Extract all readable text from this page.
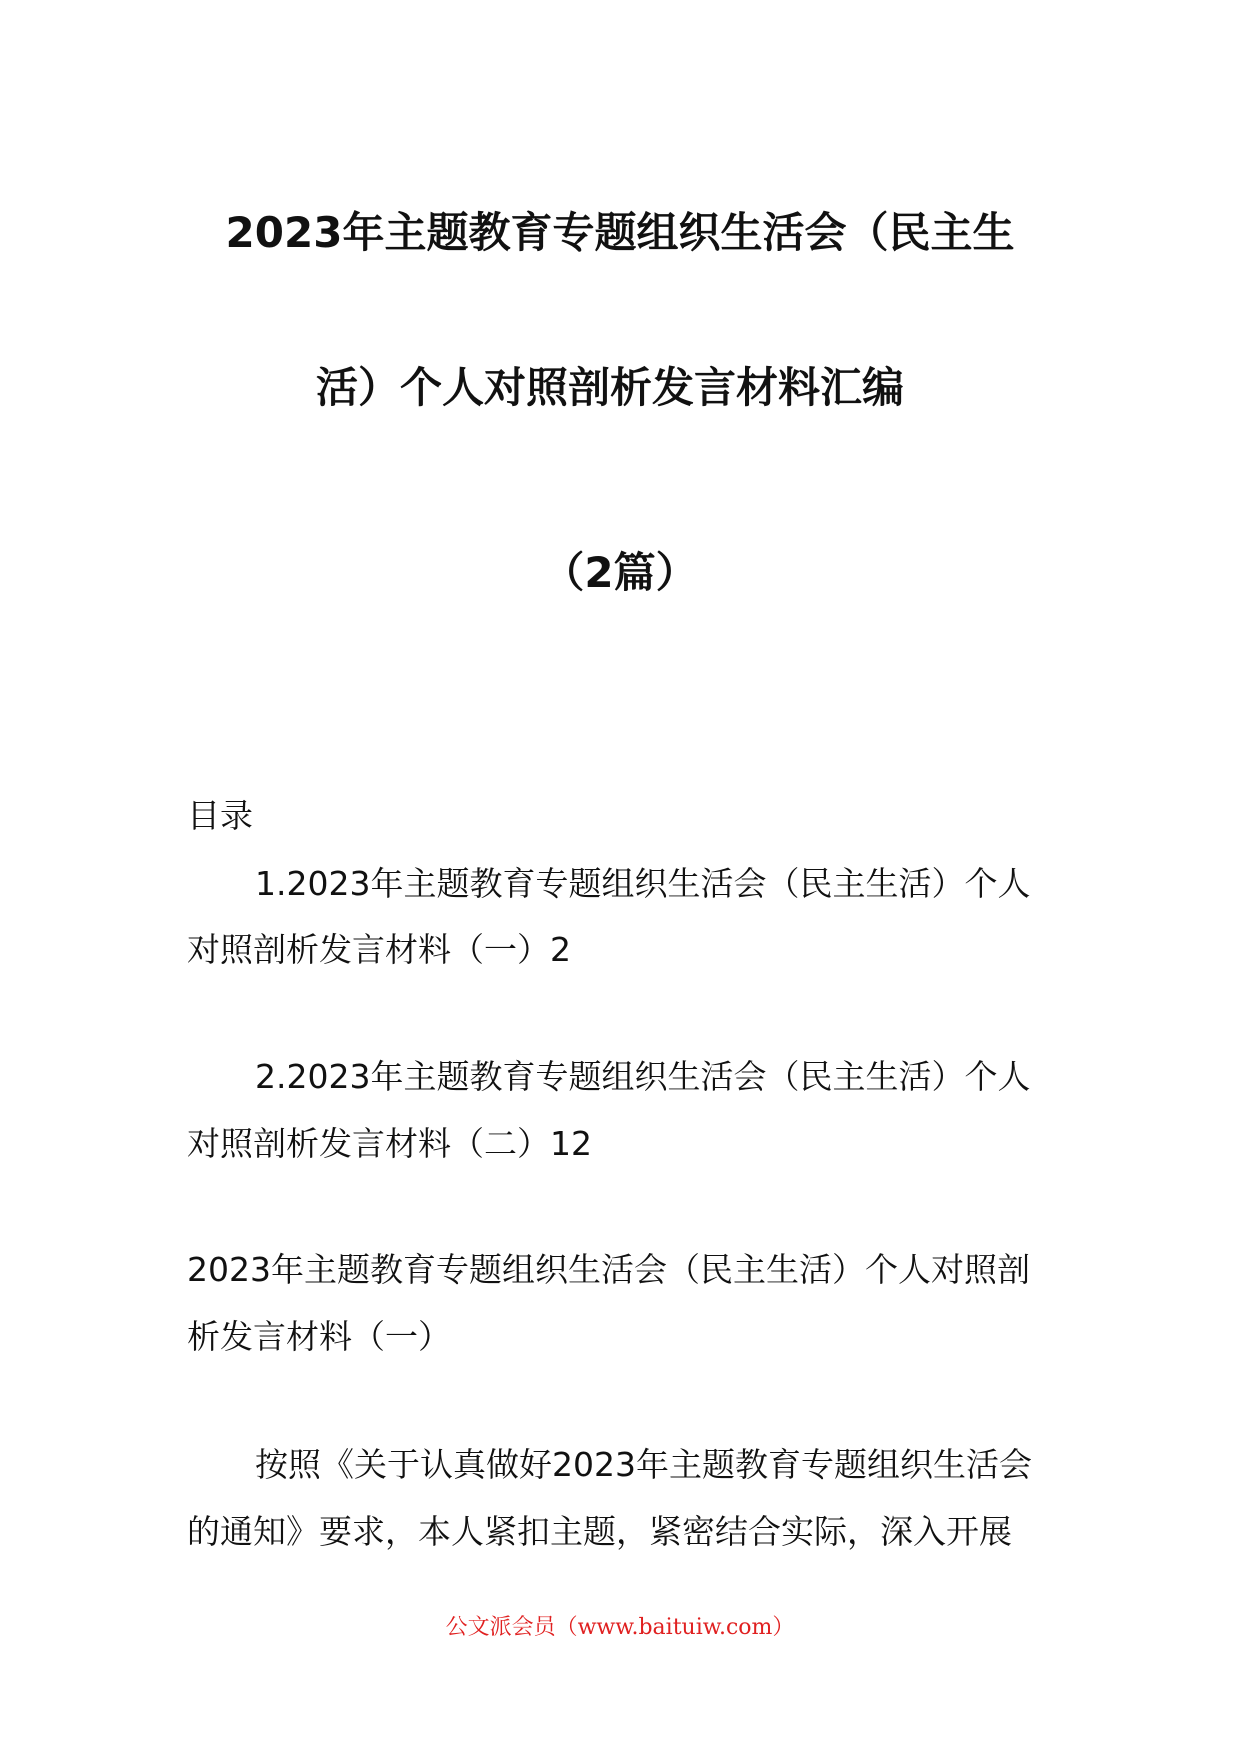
2023年主题教育专题组织生活会（民主生
活）个人对照剖析发言材料汇编
（2篇）
目录
1.2023年主题教育专题组织生活会（民主生活）个人
对照剖析发言材料（一）2
2.2023年主题教育专题组织生活会（民主生活）个人
对照剖析发言材料（二）12
2023年主题教育专题组织生活会（民主生活）个人对照剖
析发言材料（一）
按照《关于认真做好2023年主题教育专题组织生活会
的通知》要求，本人紧扣主题，紧密结合实际，深入开展
公文派会员（www.baituiw.com）
